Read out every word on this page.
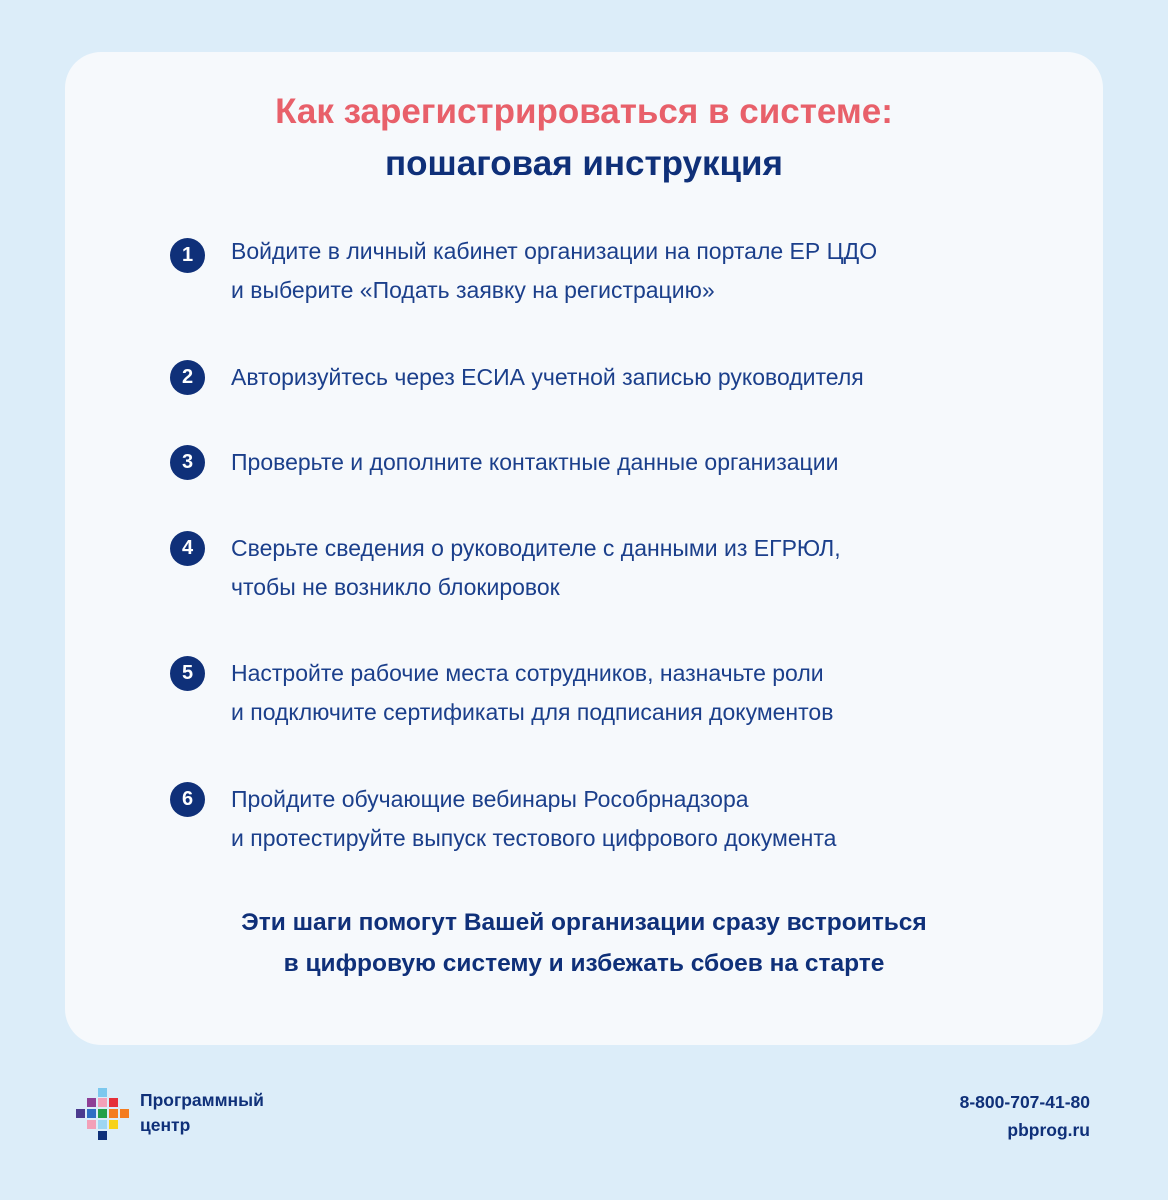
Как зарегистрироваться в системе:
пошаговая инструкция
1	Войдите в личный кабинет организации на портале ЕР ЦДО
и выберите «Подать заявку на регистрацию»
2	Авторизуйтесь через ЕСИА учетной записью руководителя
3	Проверьте и дополните контактные данные организации
4	Сверьте сведения о руководителе с данными из ЕГРЮЛ,
чтобы не возникло блокировок
5	Настройте рабочие места сотрудников, назначьте роли
и подключите сертификаты для подписания документов
6	Пройдите обучающие вебинары Рособрнадзора
и протестируйте выпуск тестового цифрового документа

Эти шаги помогут Вашей организации сразу встроиться
в цифровую систему и избежать сбоев на старте

Программный
центр
8-800-707-41-80
pbprog.ru
